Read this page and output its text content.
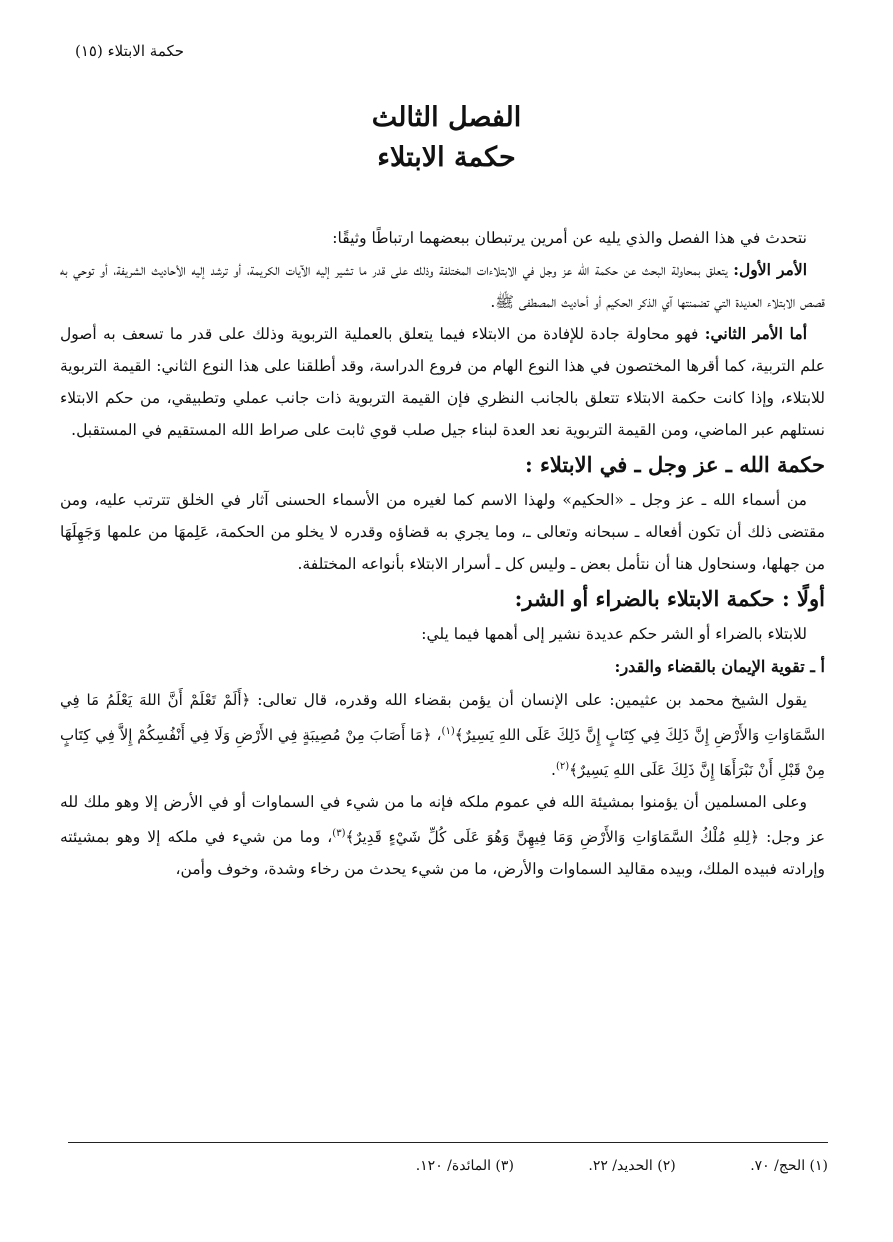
حكمة الابتلاء (١٥)
الفصل الثالث
حكمة الابتلاء

نتحدث في هذا الفصل والذي يليه عن أمرين يرتبطان ببعضهما ارتباطًا وثيقًا:

الأمر الأول: يتعلق بمحاولة البحث عن حكمة الله عز وجل في الابتلاءات المختلفة وذلك على قدر ما تشير إليه الآيات الكريمة، أو ترشد إليه الأحاديث الشريفة، أو توحي به قصص الابتلاء العديدة التي تضمنتها آي الذكر الحكيم أو أحاديث المصطفى ﷺ.

أما الأمر الثاني: فهو محاولة جادة للإفادة من الابتلاء فيما يتعلق بالعملية التربوية وذلك على قدر ما تسعف به أصول علم التربية، كما أقرها المختصون في هذا النوع الهام من فروع الدراسة، وقد أطلقنا على هذا النوع الثاني: القيمة التربوية للابتلاء، وإذا كانت حكمة الابتلاء تتعلق بالجانب النظري فإن القيمة التربوية ذات جانب عملي وتطبيقي، من حكم الابتلاء نستلهم عبر الماضي، ومن القيمة التربوية نعد العدة لبناء جيل صلب قوي ثابت على صراط الله المستقيم في المستقبل.

حكمة الله ـ عز وجل ـ في الابتلاء :

من أسماء الله ـ عز وجل ـ «الحكيم» ولهذا الاسم كما لغيره من الأسماء الحسنى آثار في الخلق تترتب عليه، ومن مقتضى ذلك أن تكون أفعاله ـ سبحانه وتعالى ـ، وما يجري به قضاؤه وقدره لا يخلو من الحكمة، عَلِمهَا من علمها وَجَهِلَهَا من جهلها، وسنحاول هنا أن نتأمل بعض ـ وليس كل ـ أسرار الابتلاء بأنواعه المختلفة.

أولًا : حكمة الابتلاء بالضراء أو الشر:

للابتلاء بالضراء أو الشر حكم عديدة نشير إلى أهمها فيما يلي:

أ ـ تقوية الإيمان بالقضاء والقدر:

يقول الشيخ محمد بن عثيمين: على الإنسان أن يؤمن بقضاء الله وقدره، قال تعالى: ﴿أَلَمْ تَعْلَمْ أَنَّ اللهَ يَعْلَمُ مَا فِي السَّمَاوَاتِ وَالأَرْضِ إِنَّ ذَلِكَ فِي كِتَابٍ إِنَّ ذَلِكَ عَلَى اللهِ يَسِيرٌ﴾$^{(١)}$، ﴿مَا أَصَابَ مِنْ مُصِيبَةٍ فِي الأَرْضِ وَلَا فِي أَنْفُسِكُمْ إِلاَّ فِي كِتَابٍ مِنْ قَبْلِ أَنْ نَبْرَأَهَا إِنَّ ذَلِكَ عَلَى اللهِ يَسِيرٌ﴾$^{(٢)}$.

وعلى المسلمين أن يؤمنوا بمشيئة الله في عموم ملكه فإنه ما من شيء في السماوات أو في الأرض إلا وهو ملك لله عز وجل: ﴿لِلهِ مُلْكُ السَّمَاوَاتِ وَالأَرْضِ وَمَا فِيهِنَّ وَهُوَ عَلَى كُلِّ شَيْءٍ قَدِيرٌ﴾$^{(٣)}$، وما من شيء في ملكه إلا وهو بمشيئته وإرادته فبيده الملك، وبيده مقاليد السماوات والأرض، ما من شيء يحدث من رخاء وشدة، وخوف وأمن،

(١) الحج/ ٧٠. (٢) الحديد/ ٢٢. (٣) المائدة/ ١٢٠.
